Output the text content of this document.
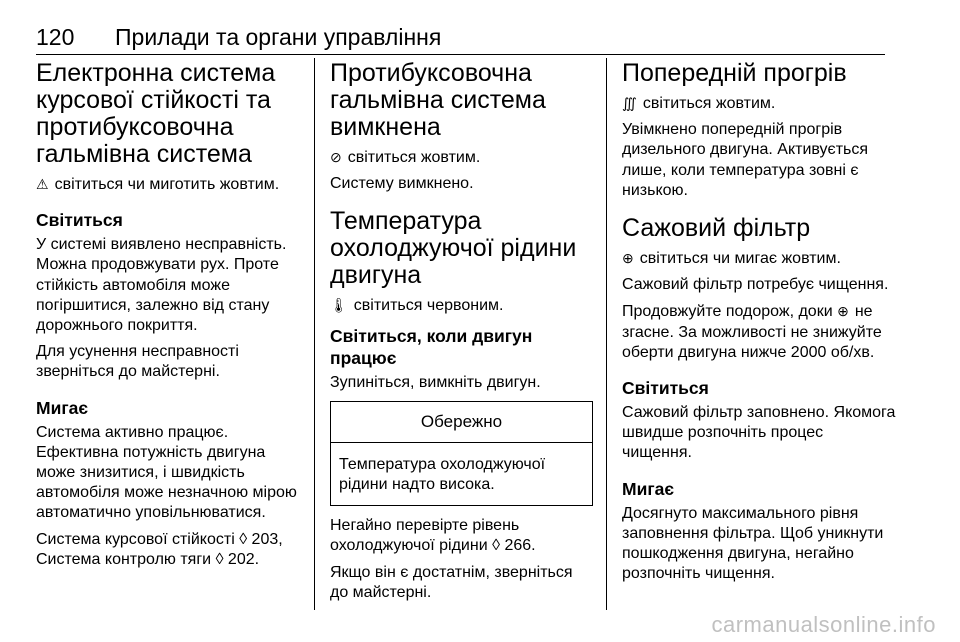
120 Прилади та органи управління
Електронна система курсової стійкості та протибуксовочна гальмівна система

⚠ світиться чи миготить жовтим.

Світиться

У системі виявлено несправність. Можна продовжувати рух. Проте стійкість автомобіля може погіршитися, залежно від стану дорожнього покриття.

Для усунення несправності зверніться до майстерні.

Мигає

Система активно працює. Ефективна потужність двигуна може знизитися, і швидкість автомобіля може незначною мірою автоматично уповільнюватися.

Система курсової стійкості ◊ 203, Система контролю тяги ◊ 202.

Протибуксовочна гальмівна система вимкнена

⊘ світиться жовтим.

Систему вимкнено.

Температура охолоджуючої рідини двигуна

🌡 світиться червоним.

Світиться, коли двигун працює

Зупиніться, вимкніть двигун.

Обережно
Температура охолоджуючої рідини надто висока.

Негайно перевірте рівень охолоджуючої рідини ◊ 266.

Якщо він є достатнім, зверніться до майстерні.

Попередній прогрів

∭ світиться жовтим.

Увімкнено попередній прогрів дизельного двигуна. Активується лише, коли температура зовні є низькою.

Сажовий фільтр

⊕ світиться чи мигає жовтим.

Сажовий фільтр потребує чищення.

Продовжуйте подорож, доки ⊕ не згасне. За можливості не знижуйте оберти двигуна нижче 2000 об/хв.

Світиться

Сажовий фільтр заповнено. Якомога швидше розпочніть процес чищення.

Мигає

Досягнуто максимального рівня заповнення фільтра. Щоб уникнути пошкодження двигуна, негайно розпочніть чищення.

carmanualsonline.info
